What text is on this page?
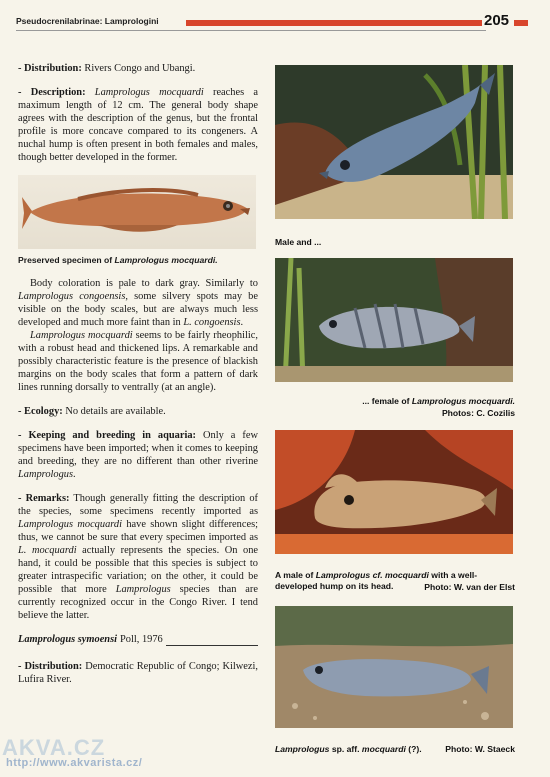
Pseudocrenilabrinae: Lamprologini	205

- Distribution: Rivers Congo and Ubangi.

- Description: Lamprologus mocquardi reaches a maximum length of 12 cm. The general body shape agrees with the description of the genus, but the frontal profile is more concave compared to its congeners. A nuchal hump is often present in both females and males, though better developed in the former.

Preserved specimen of Lamprologus mocquardi.

Body coloration is pale to dark gray. Similarly to Lamprologus congoensis, some silvery spots may be visible on the body scales, but are always much less developed and much more faint than in L. congoensis.

Lamprologus mocquardi seems to be fairly rheophilic, with a robust head and thickened lips. A remarkable and possibly characteristic feature is the presence of blackish margins on the body scales that form a pattern of dark lines running dorsally to ventrally (at an angle).

- Ecology: No details are available.

- Keeping and breeding in aquaria: Only a few specimens have been imported; when it comes to keeping and breeding, they are no different than other riverine Lamprologus.

- Remarks: Though generally fitting the description of the species, some specimens recently imported as Lamprologus mocquardi have shown slight differences; thus, we cannot be sure that every specimen imported as L. mocquardi actually represents the species. On one hand, it could be possible that this species is subject to greater intraspecific variation; on the other, it could be possible that more Lamprologus species than are currently recognized occur in the Congo River. I tend believe the latter.

Lamprologus symoensi Poll, 1976

- Distribution: Democratic Republic of Congo; Kilwezi, Lufira River.

Male and ...
... female of Lamprologus mocquardi.
Photos: C. Cozilis
A male of Lamprologus cf. mocquardi with a well-developed hump on its head.	Photo: W. van der Elst
Lamprologus sp. aff. mocquardi (?).	Photo: W. Staeck
AKVA.CZ
http://www.akvarista.cz/
